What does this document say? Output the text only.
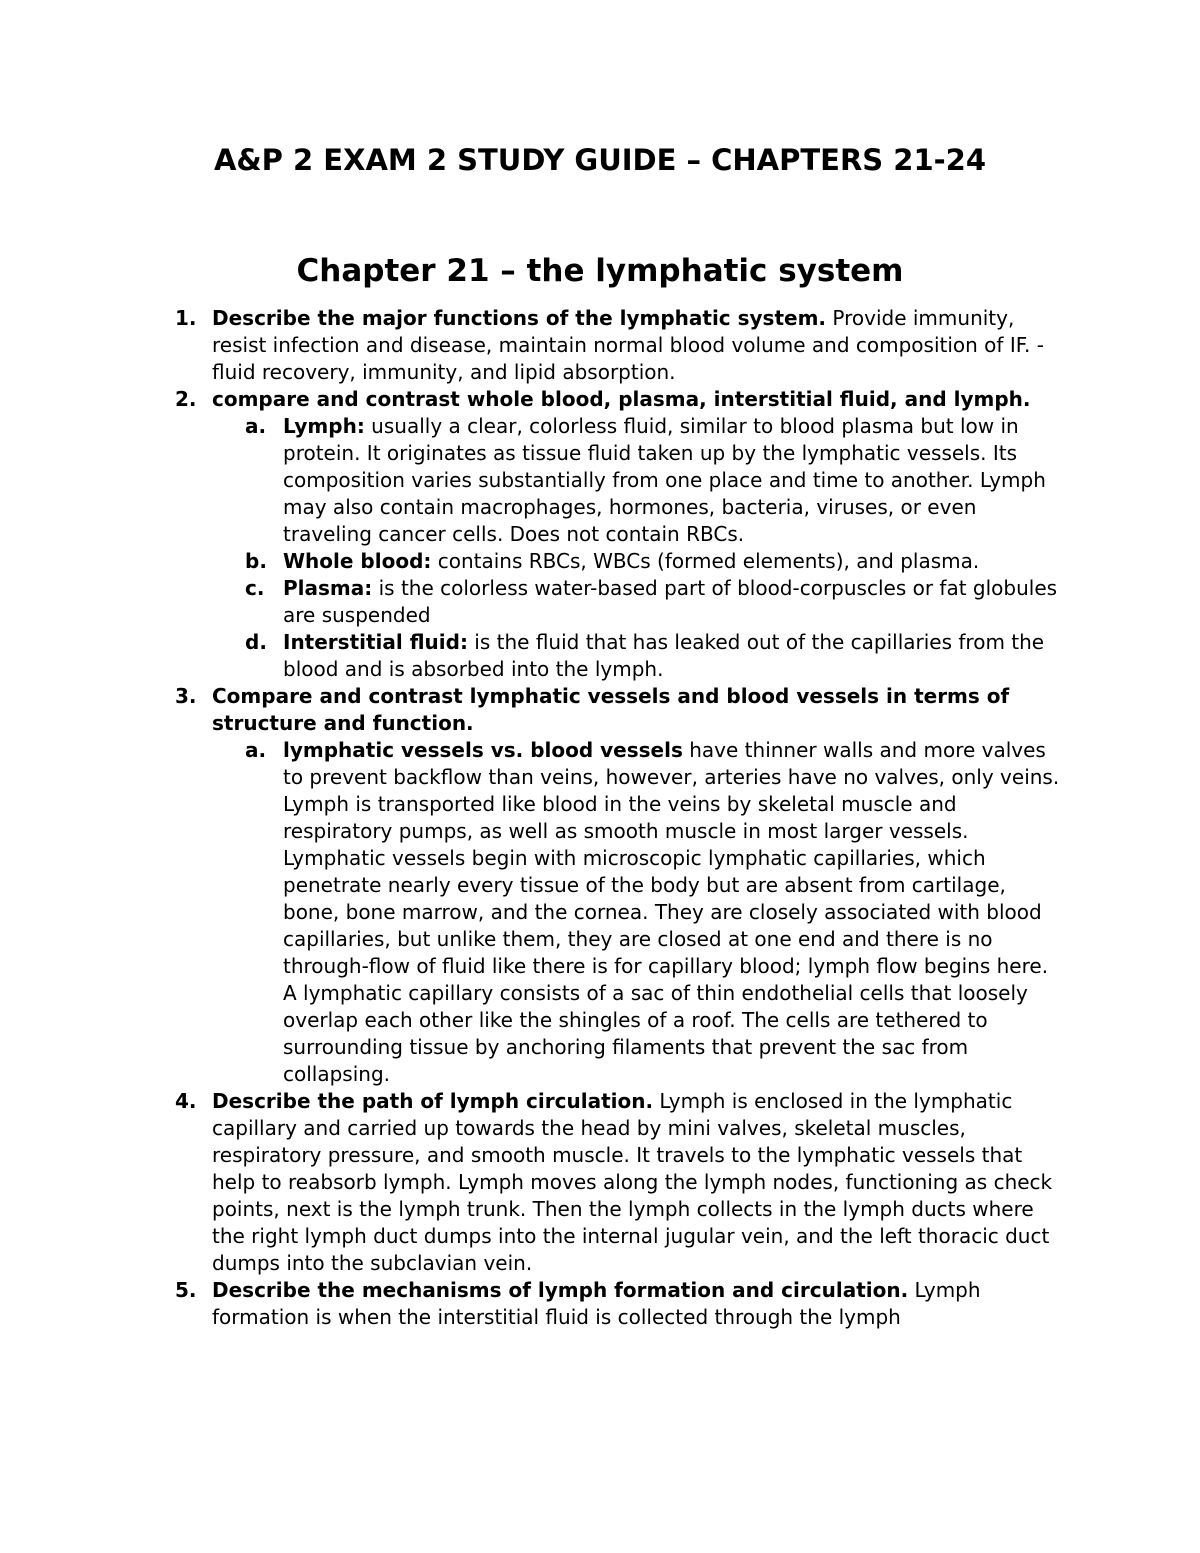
A&P 2 EXAM 2 STUDY GUIDE – CHAPTERS 21-24
Chapter 21 – the lymphatic system
1. Describe the major functions of the lymphatic system. Provide immunity, resist infection and disease, maintain normal blood volume and composition of IF. -fluid recovery, immunity, and lipid absorption.
2. compare and contrast whole blood, plasma, interstitial fluid, and lymph.
a. Lymph: usually a clear, colorless fluid, similar to blood plasma but low in protein. It originates as tissue fluid taken up by the lymphatic vessels. Its composition varies substantially from one place and time to another. Lymph may also contain macrophages, hormones, bacteria, viruses, or even traveling cancer cells. Does not contain RBCs.
b. Whole blood: contains RBCs, WBCs (formed elements), and plasma.
c. Plasma: is the colorless water-based part of blood-corpuscles or fat globules are suspended
d. Interstitial fluid: is the fluid that has leaked out of the capillaries from the blood and is absorbed into the lymph.
3. Compare and contrast lymphatic vessels and blood vessels in terms of structure and function.
a. lymphatic vessels vs. blood vessels have thinner walls and more valves to prevent backflow than veins, however, arteries have no valves, only veins. Lymph is transported like blood in the veins by skeletal muscle and respiratory pumps, as well as smooth muscle in most larger vessels. Lymphatic vessels begin with microscopic lymphatic capillaries, which penetrate nearly every tissue of the body but are absent from cartilage, bone, bone marrow, and the cornea. They are closely associated with blood capillaries, but unlike them, they are closed at one end and there is no through-flow of fluid like there is for capillary blood; lymph flow begins here. A lymphatic capillary consists of a sac of thin endothelial cells that loosely overlap each other like the shingles of a roof. The cells are tethered to surrounding tissue by anchoring filaments that prevent the sac from collapsing.
4. Describe the path of lymph circulation. Lymph is enclosed in the lymphatic capillary and carried up towards the head by mini valves, skeletal muscles, respiratory pressure, and smooth muscle. It travels to the lymphatic vessels that help to reabsorb lymph. Lymph moves along the lymph nodes, functioning as check points, next is the lymph trunk. Then the lymph collects in the lymph ducts where the right lymph duct dumps into the internal jugular vein, and the left thoracic duct dumps into the subclavian vein.
5. Describe the mechanisms of lymph formation and circulation. Lymph formation is when the interstitial fluid is collected through the lymph
